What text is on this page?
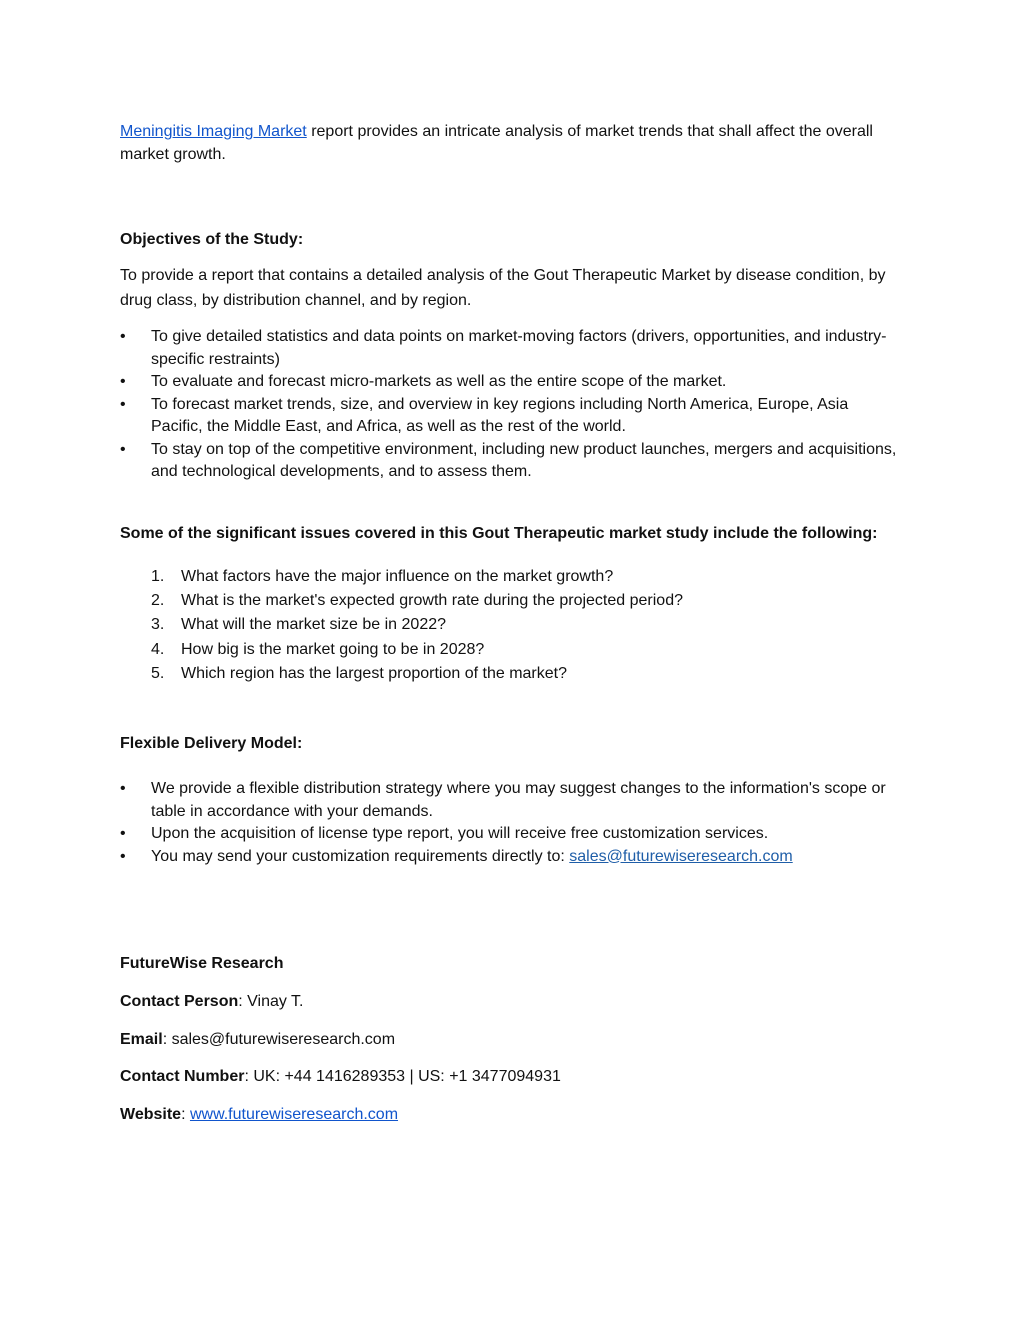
Meningitis Imaging Market report provides an intricate analysis of market trends that shall affect the overall market growth.
Objectives of the Study:
To provide a report that contains a detailed analysis of the Gout Therapeutic Market by disease condition, by drug class, by distribution channel, and by region.
• To give detailed statistics and data points on market-moving factors (drivers, opportunities, and industry-specific restraints)
• To evaluate and forecast micro-markets as well as the entire scope of the market.
• To forecast market trends, size, and overview in key regions including North America, Europe, Asia Pacific, the Middle East, and Africa, as well as the rest of the world.
• To stay on top of the competitive environment, including new product launches, mergers and acquisitions, and technological developments, and to assess them.
Some of the significant issues covered in this Gout Therapeutic market study include the following:
1. What factors have the major influence on the market growth?
2. What is the market's expected growth rate during the projected period?
3. What will the market size be in 2022?
4. How big is the market going to be in 2028?
5. Which region has the largest proportion of the market?
Flexible Delivery Model:
• We provide a flexible distribution strategy where you may suggest changes to the information's scope or table in accordance with your demands.
• Upon the acquisition of license type report, you will receive free customization services.
• You may send your customization requirements directly to: sales@futurewiseresearch.com
FutureWise Research
Contact Person: Vinay T.
Email: sales@futurewiseresearch.com
Contact Number: UK: +44 1416289353 | US: +1 3477094931
Website: www.futurewiseresearch.com
